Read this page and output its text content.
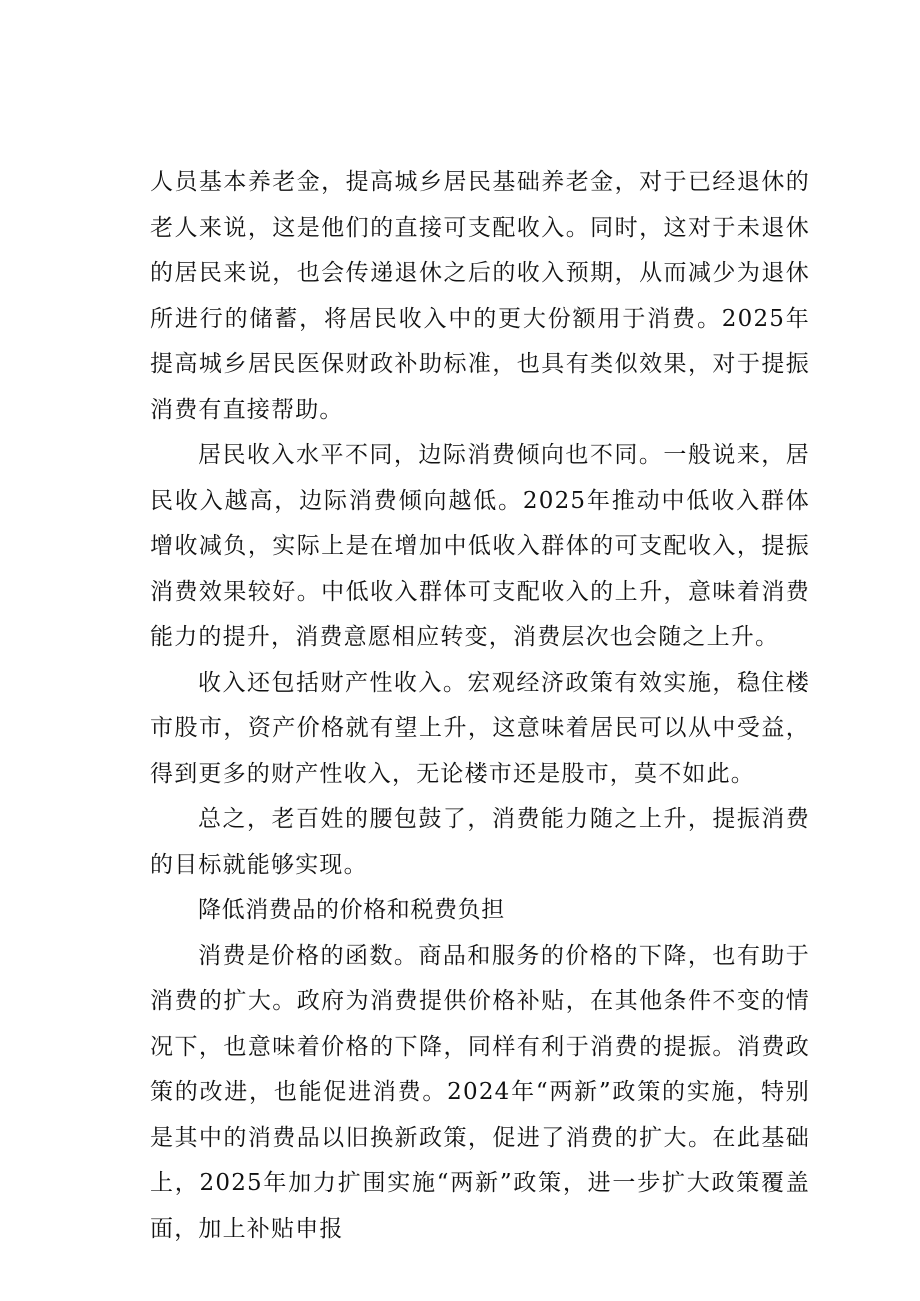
人员基本养老金，提高城乡居民基础养老金，对于已经退休的老人来说，这是他们的直接可支配收入。同时，这对于未退休的居民来说，也会传递退休之后的收入预期，从而减少为退休所进行的储蓄，将居民收入中的更大份额用于消费。2025年提高城乡居民医保财政补助标准，也具有类似效果，对于提振消费有直接帮助。

居民收入水平不同，边际消费倾向也不同。一般说来，居民收入越高，边际消费倾向越低。2025年推动中低收入群体增收减负，实际上是在增加中低收入群体的可支配收入，提振消费效果较好。中低收入群体可支配收入的上升，意味着消费能力的提升，消费意愿相应转变，消费层次也会随之上升。

收入还包括财产性收入。宏观经济政策有效实施，稳住楼市股市，资产价格就有望上升，这意味着居民可以从中受益，得到更多的财产性收入，无论楼市还是股市，莫不如此。

总之，老百姓的腰包鼓了，消费能力随之上升，提振消费的目标就能够实现。

降低消费品的价格和税费负担

消费是价格的函数。商品和服务的价格的下降，也有助于消费的扩大。政府为消费提供价格补贴，在其他条件不变的情况下，也意味着价格的下降，同样有利于消费的提振。消费政策的改进，也能促进消费。2024年“两新”政策的实施，特别是其中的消费品以旧换新政策，促进了消费的扩大。在此基础上，2025年加力扩围实施“两新”政策，进一步扩大政策覆盖面，加上补贴申报
